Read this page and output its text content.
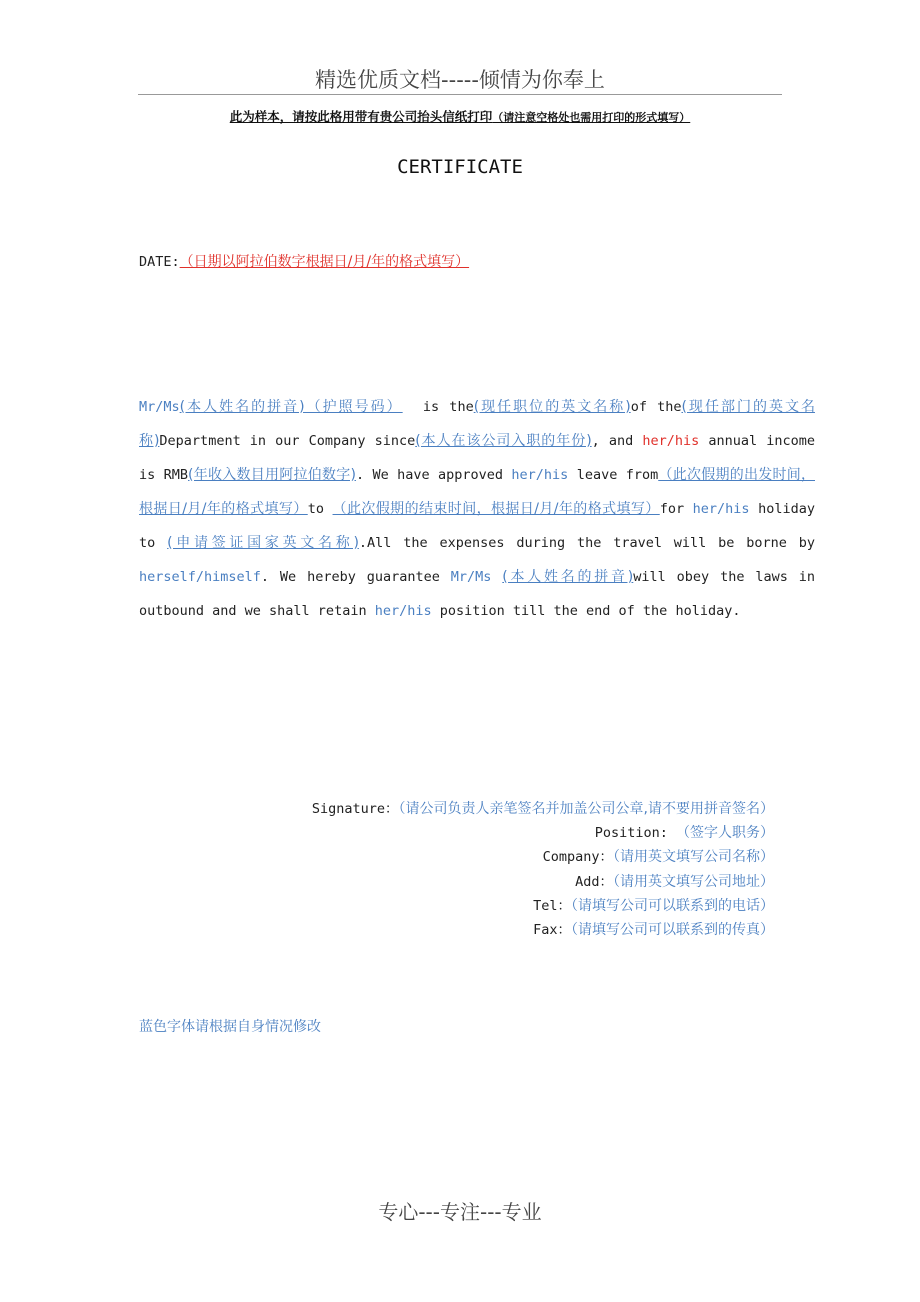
精选优质文档-----倾情为你奉上
此为样本，请按此格用带有贵公司抬头信纸打印（请注意空格处也需用打印的形式填写）
CERTIFICATE
DATE:（日期以阿拉伯数字根据日/月/年的格式填写）
Mr/Ms(本人姓名的拼音)（护照号码）  is the(现任职位的英文名称)of the(现任部门的英文名称)Department in our Company since(本人在该公司入职的年份), and her/his annual income is RMB(年收入数目用阿拉伯数字). We have approved her/his leave from（此次假期的出发时间，根据日/月/年的格式填写）to （此次假期的结束时间，根据日/月/年的格式填写）for her/his holiday to (申请签证国家英文名称).All the expenses during the travel will be borne by herself/himself. We hereby guarantee Mr/Ms (本人姓名的拼音)will obey the laws in outbound and we shall retain her/his position till the end of the holiday.
Signature：（请公司负责人亲笔签名并加盖公司公章,请不要用拼音签名）
Position: （签字人职务）
Company：（请用英文填写公司名称）
Add：（请用英文填写公司地址）
Tel：（请填写公司可以联系到的电话）
Fax：（请填写公司可以联系到的传真）
蓝色字体请根据自身情况修改
专心---专注---专业
